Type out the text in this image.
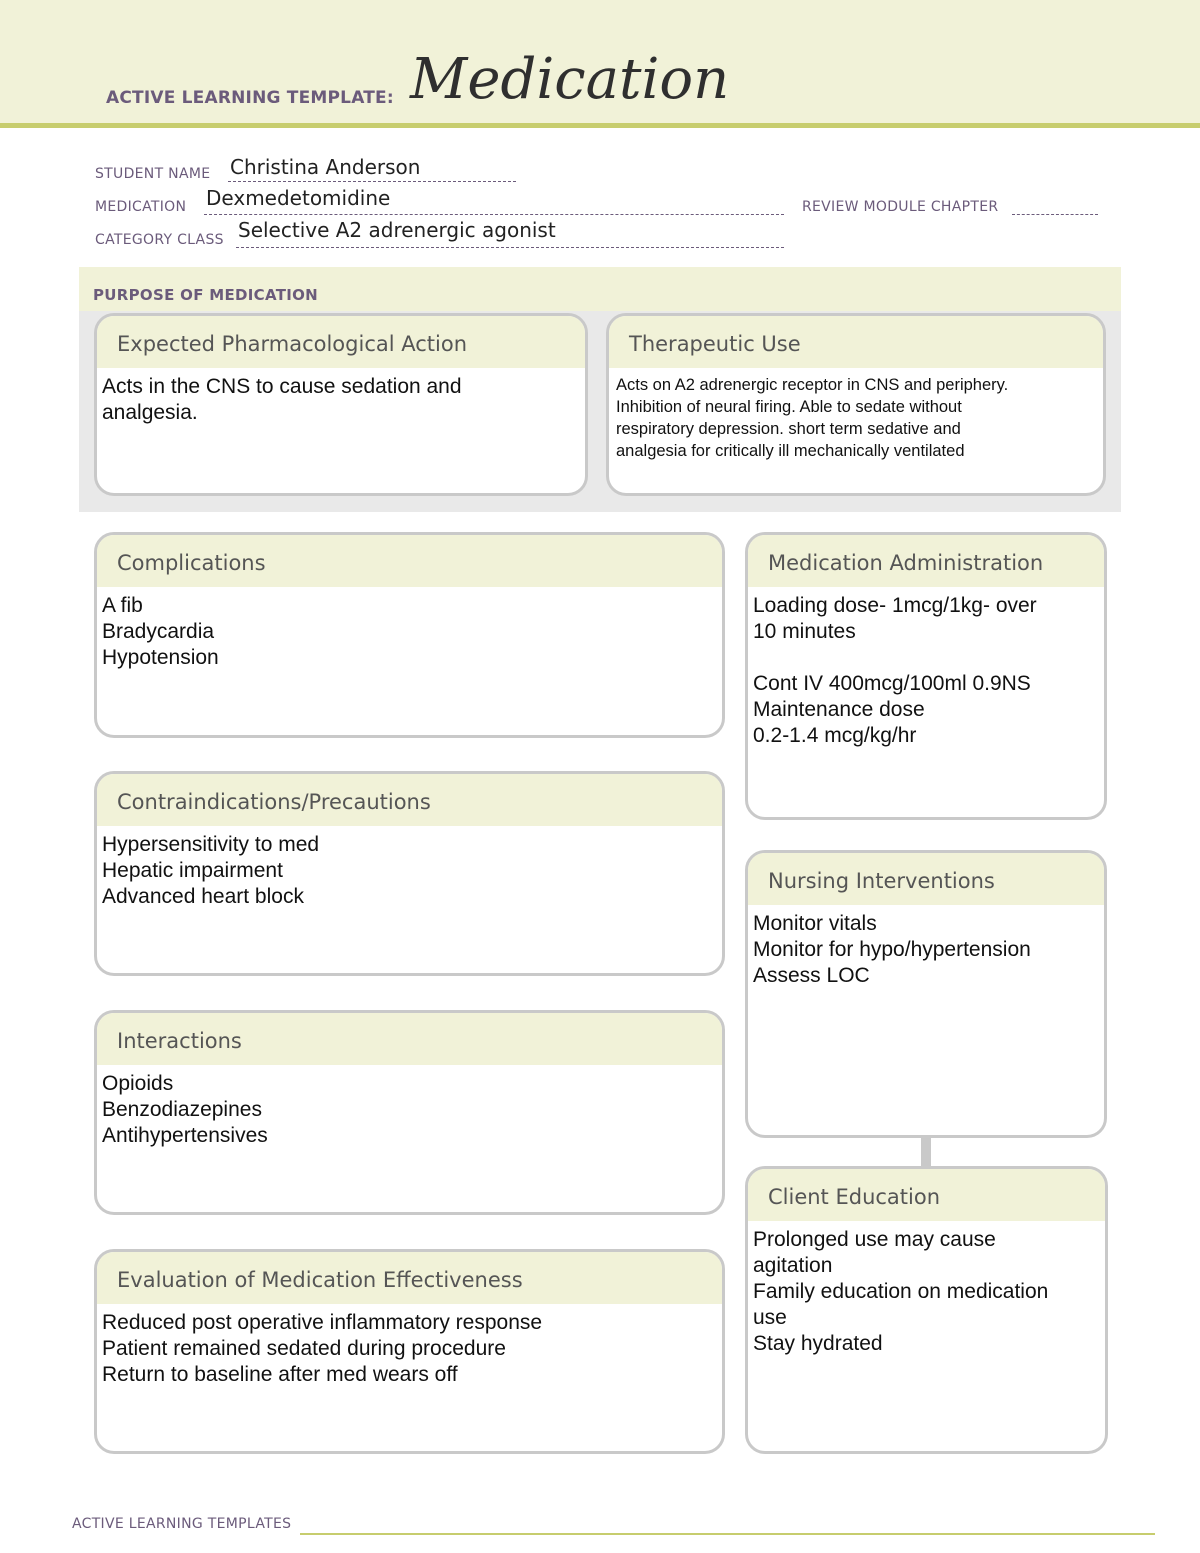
ACTIVE LEARNING TEMPLATE: Medication
STUDENT NAME Christina Anderson
MEDICATION Dexmedetomidine	REVIEW MODULE CHAPTER
CATEGORY CLASS Selective A2 adrenergic agonist
PURPOSE OF MEDICATION
Expected Pharmacological Action
Acts in the CNS to cause sedation and
analgesia.
Therapeutic Use
Acts on A2 adrenergic receptor in CNS and periphery.
Inhibition of neural firing. Able to sedate without
respiratory depression. short term sedative and
analgesia for critically ill mechanically ventilated
Complications
A fib
Bradycardia
Hypotension
Contraindications/Precautions
Hypersensitivity to med
Hepatic impairment
Advanced heart block
Interactions
Opioids
Benzodiazepines
Antihypertensives
Evaluation of Medication Effectiveness
Reduced post operative inflammatory response
Patient remained sedated during procedure
Return to baseline after med wears off
Medication Administration
Loading dose- 1mcg/1kg- over
10 minutes

Cont IV 400mcg/100ml 0.9NS
Maintenance dose
0.2-1.4 mcg/kg/hr
Nursing Interventions
Monitor vitals
Monitor for hypo/hypertension
Assess LOC
Client Education
Prolonged use may cause
agitation
Family education on medication
use
Stay hydrated
ACTIVE LEARNING TEMPLATES
